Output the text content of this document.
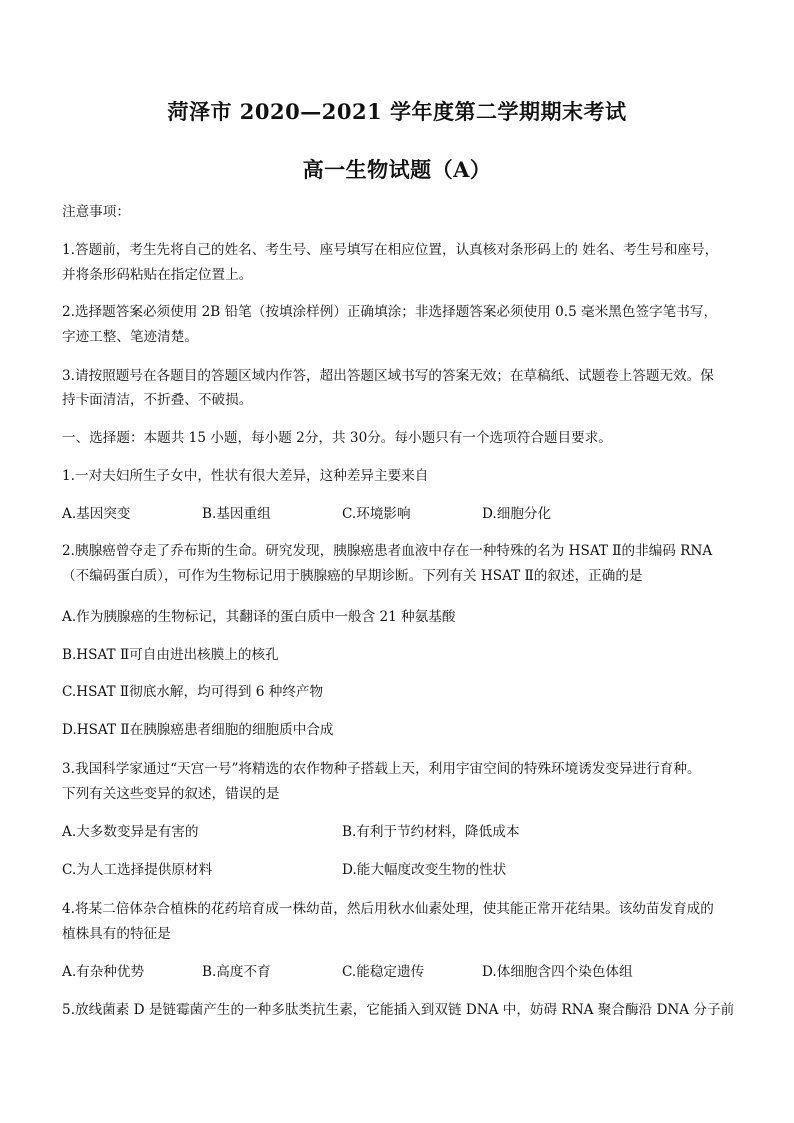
菏泽市 2020—2021 学年度第二学期期末考试
高一生物试题（A）
注意事项：
1.答题前，考生先将自己的姓名、考生号、座号填写在相应位置，认真核对条形码上的 姓名、考生号和座号，
并将条形码粘贴在指定位置上。
2.选择题答案必须使用 2B 铅笔（按填涂样例）正确填涂；非选择题答案必须使用 0.5 毫米黑色签字笔书写，
字迹工整、笔迹清楚。
3.请按照题号在各题目的答题区域内作答，超出答题区域书写的答案无效；在草稿纸、试题卷上答题无效。保
持卡面清洁，不折叠、不破损。
一、选择题：本题共 15 小题，每小题 2分，共 30分。每小题只有一个选项符合题目要求。
1.一对夫妇所生子女中，性状有很大差异，这种差异主要来自
A.基因突变	B.基因重组	C.环境影响	D.细胞分化
2.胰腺癌曾夺走了乔布斯的生命。研究发现，胰腺癌患者血液中存在一种特殊的名为 HSAT Ⅱ的非编码 RNA
（不编码蛋白质），可作为生物标记用于胰腺癌的早期诊断。下列有关 HSAT Ⅱ的叙述，正确的是
A.作为胰腺癌的生物标记，其翻译的蛋白质中一般含 21 种氨基酸
B.HSAT Ⅱ可自由进出核膜上的核孔
C.HSAT Ⅱ彻底水解，均可得到 6 种终产物
D.HSAT Ⅱ在胰腺癌患者细胞的细胞质中合成
3.我国科学家通过“天宫一号”将精选的农作物种子搭载上天，利用宇宙空间的特殊环境诱发变异进行育种。
下列有关这些变异的叙述，错误的是
A.大多数变异是有害的	B.有利于节约材料，降低成本
C.为人工选择提供原材料	D.能大幅度改变生物的性状
4.将某二倍体杂合植株的花药培育成一株幼苗，然后用秋水仙素处理，使其能正常开花结果。该幼苗发育成的
植株具有的特征是
A.有杂种优势	B.高度不育	C.能稳定遗传	D.体细胞含四个染色体组
5.放线菌素 D 是链霉菌产生的一种多肽类抗生素，它能插入到双链 DNA 中，妨碍 RNA 聚合酶沿 DNA 分子前
